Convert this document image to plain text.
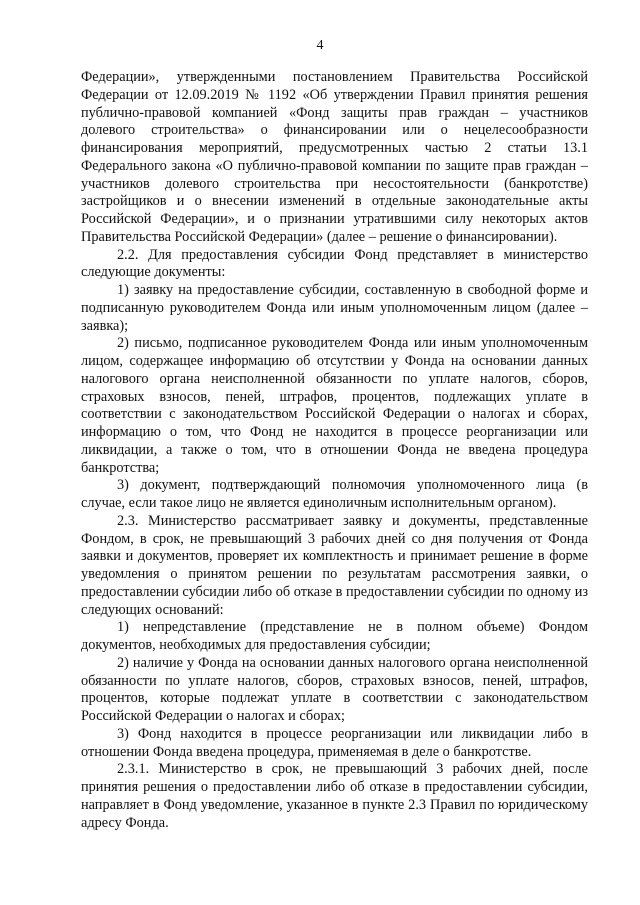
4

Федерации», утвержденными постановлением Правительства Российской Федерации от 12.09.2019 № 1192 «Об утверждении Правил принятия решения публично-правовой компанией «Фонд защиты прав граждан – участников долевого строительства» о финансировании или о нецелесообразности финансирования мероприятий, предусмотренных частью 2 статьи 13.1 Федерального закона «О публично-правовой компании по защите прав граждан – участников долевого строительства при несостоятельности (банкротстве) застройщиков и о внесении изменений в отдельные законодательные акты Российской Федерации», и о признании утратившими силу некоторых актов Правительства Российской Федерации» (далее – решение о финансировании).

2.2. Для предоставления субсидии Фонд представляет в министерство следующие документы:

1) заявку на предоставление субсидии, составленную в свободной форме и подписанную руководителем Фонда или иным уполномоченным лицом (далее – заявка);

2) письмо, подписанное руководителем Фонда или иным уполномоченным лицом, содержащее информацию об отсутствии у Фонда на основании данных налогового органа неисполненной обязанности по уплате налогов, сборов, страховых взносов, пеней, штрафов, процентов, подлежащих уплате в соответствии с законодательством Российской Федерации о налогах и сборах, информацию о том, что Фонд не находится в процессе реорганизации или ликвидации, а также о том, что в отношении Фонда не введена процедура банкротства;

3) документ, подтверждающий полномочия уполномоченного лица (в случае, если такое лицо не является единоличным исполнительным органом).

2.3. Министерство рассматривает заявку и документы, представленные Фондом, в срок, не превышающий 3 рабочих дней со дня получения от Фонда заявки и документов, проверяет их комплектность и принимает решение в форме уведомления о принятом решении по результатам рассмотрения заявки, о предоставлении субсидии либо об отказе в предоставлении субсидии по одному из следующих оснований:

1) непредставление (представление не в полном объеме) Фондом документов, необходимых для предоставления субсидии;

2) наличие у Фонда на основании данных налогового органа неисполненной обязанности по уплате налогов, сборов, страховых взносов, пеней, штрафов, процентов, которые подлежат уплате в соответствии с законодательством Российской Федерации о налогах и сборах;

3) Фонд находится в процессе реорганизации или ликвидации либо в отношении Фонда введена процедура, применяемая в деле о банкротстве.

2.3.1. Министерство в срок, не превышающий 3 рабочих дней, после принятия решения о предоставлении либо об отказе в предоставлении субсидии, направляет в Фонд уведомление, указанное в пункте 2.3 Правил по юридическому адресу Фонда.
